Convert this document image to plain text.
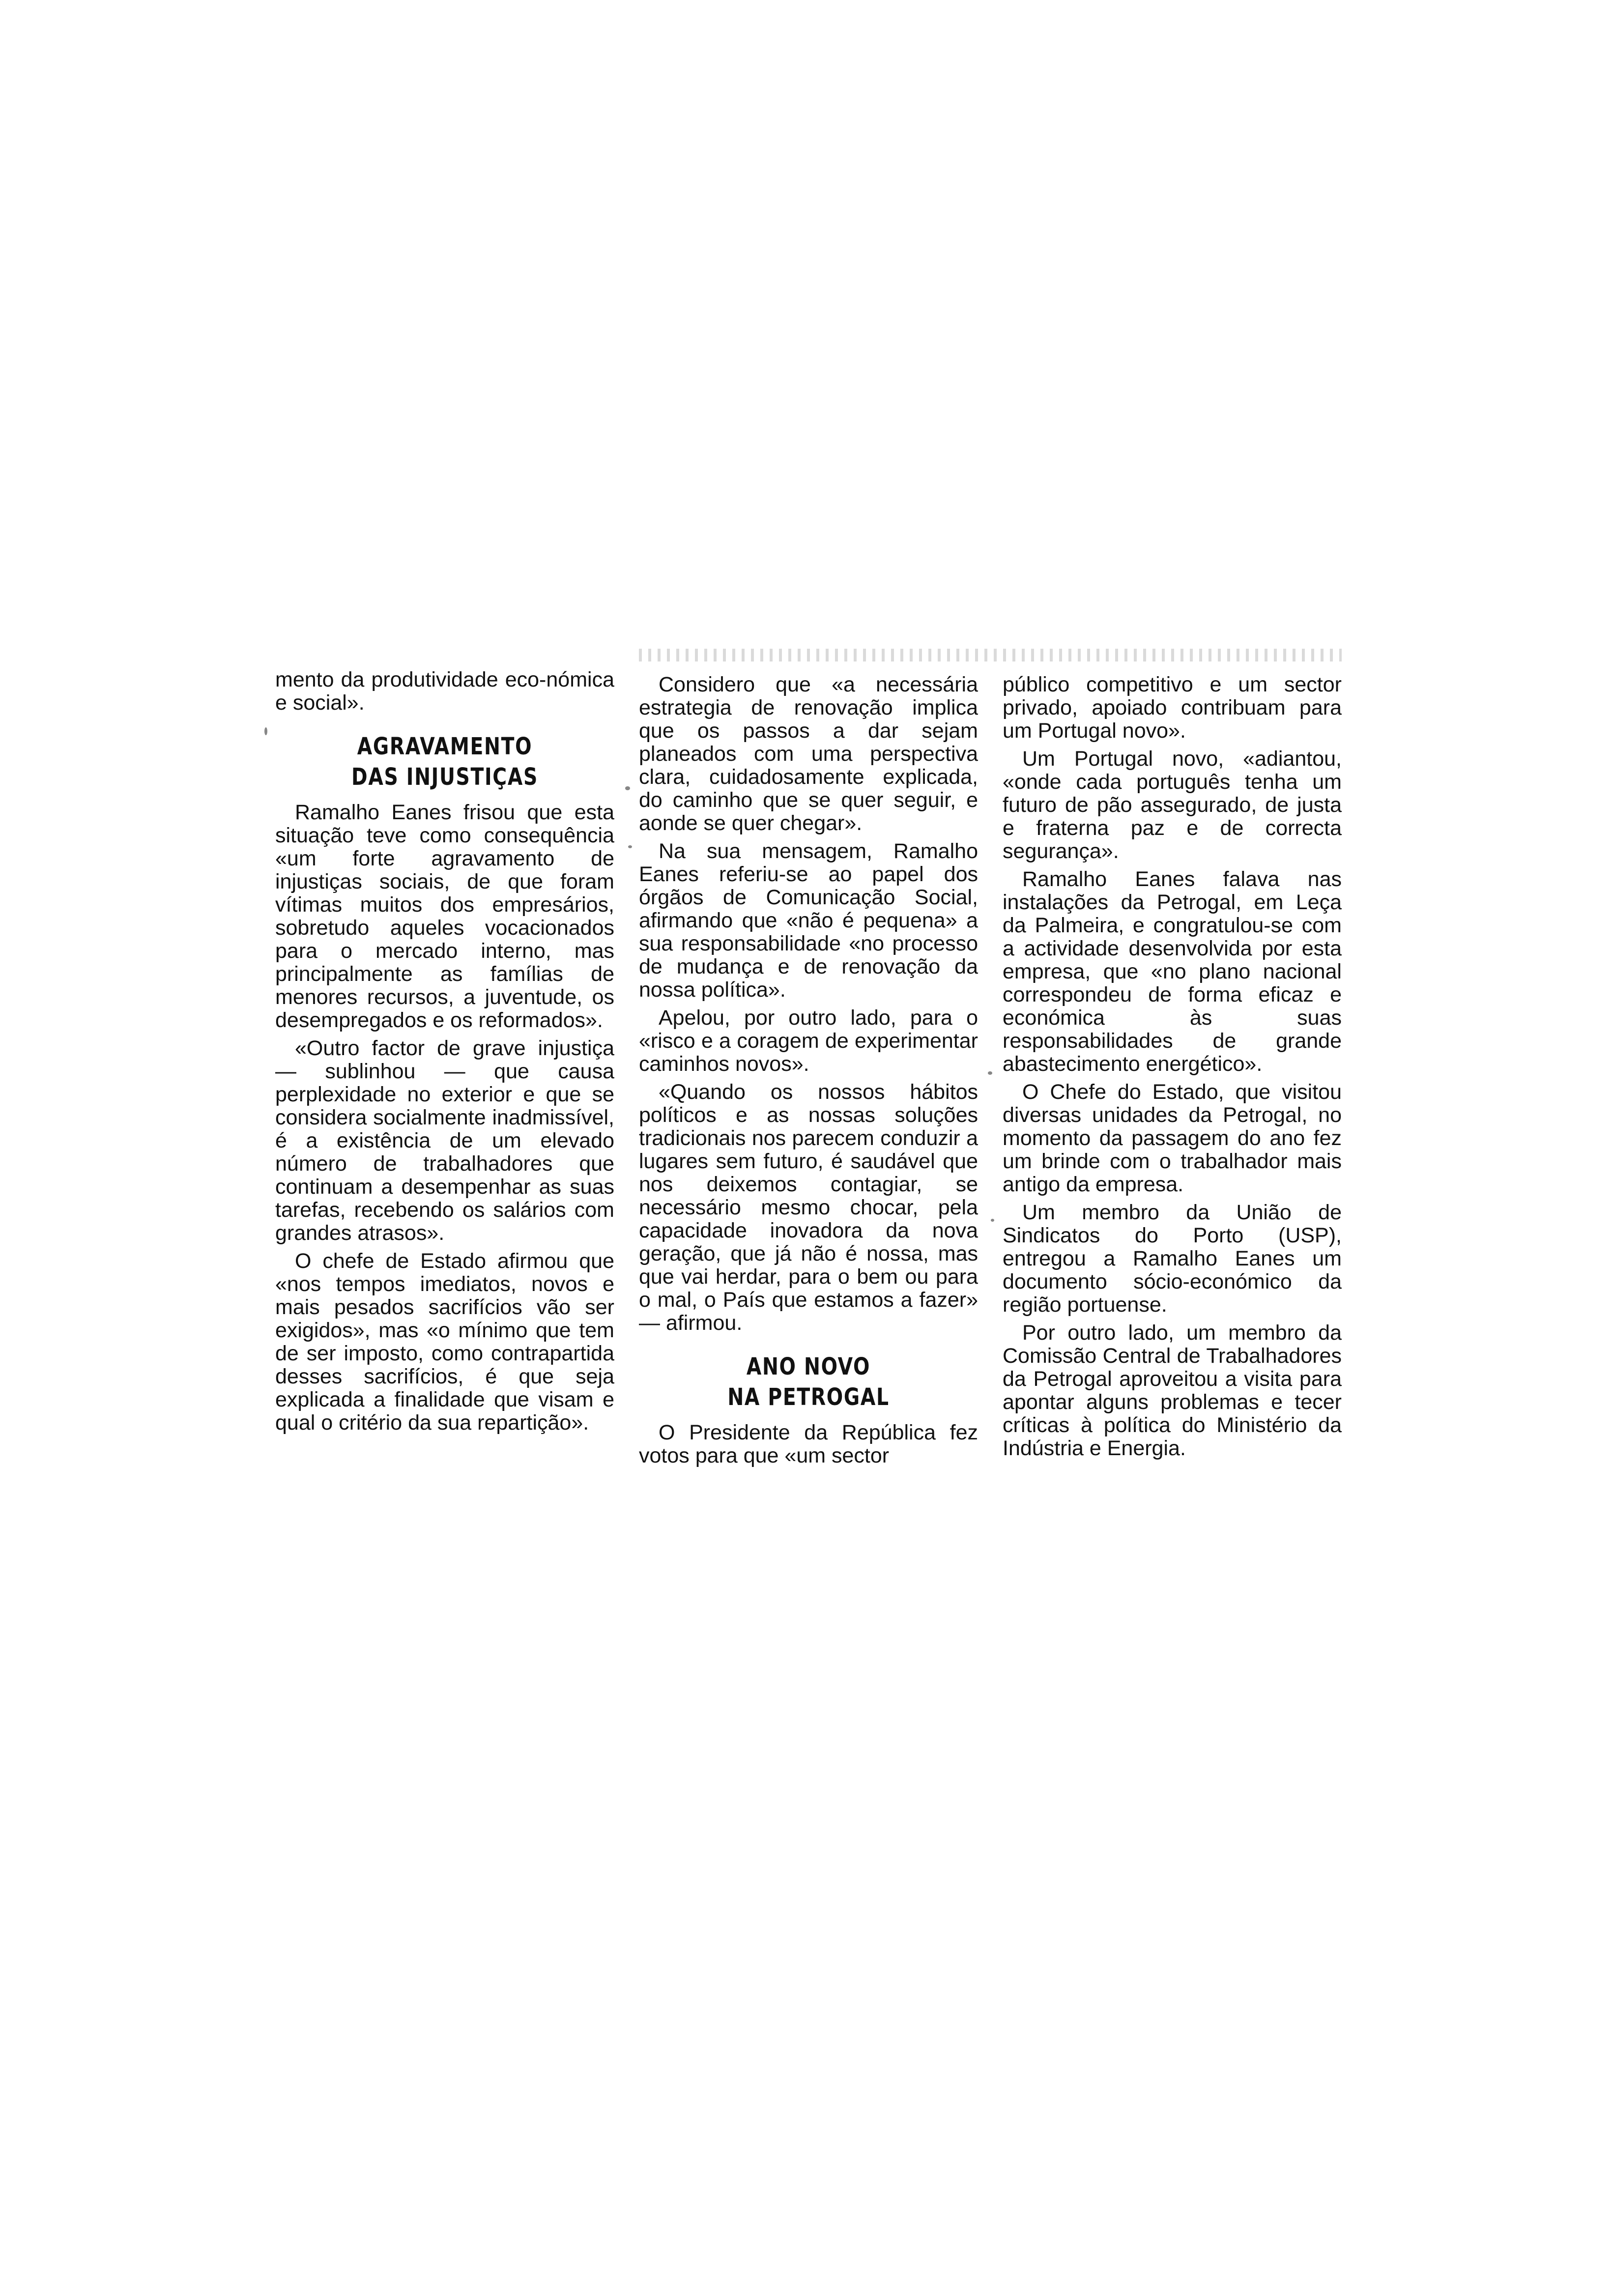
mento da produtividade eco-nómica e social».

AGRAVAMENTO
DAS INJUSTIÇAS

Ramalho Eanes frisou que esta situação teve como consequência «um forte agravamento de injustiças sociais, de que foram vítimas muitos dos empresários, sobretudo aqueles vocacionados para o mercado interno, mas principalmente as famílias de menores recursos, a juventude, os desempregados e os reformados».

«Outro factor de grave injustiça — sublinhou — que causa perplexidade no exterior e que se considera socialmente inadmissível, é a existência de um elevado número de trabalhadores que continuam a desempenhar as suas tarefas, recebendo os salários com grandes atrasos».

O chefe de Estado afirmou que «nos tempos imediatos, novos e mais pesados sacrifícios vão ser exigidos», mas «o mínimo que tem de ser imposto, como contrapartida desses sacrifícios, é que seja explicada a finalidade que visam e qual o critério da sua repartição».

Considero que «a necessária estrategia de renovação implica que os passos a dar sejam planeados com uma perspectiva clara, cuidadosamente explicada, do caminho que se quer seguir, e aonde se quer chegar».

Na sua mensagem, Ramalho Eanes referiu-se ao papel dos órgãos de Comunicação Social, afirmando que «não é pequena» a sua responsabilidade «no processo de mudança e de renovação da nossa política».

Apelou, por outro lado, para o «risco e a coragem de experimentar caminhos novos».

«Quando os nossos hábitos políticos e as nossas soluções tradicionais nos parecem conduzir a lugares sem futuro, é saudável que nos deixemos contagiar, se necessário mesmo chocar, pela capacidade inovadora da nova geração, que já não é nossa, mas que vai herdar, para o bem ou para o mal, o País que estamos a fazer» — afirmou.

ANO NOVO
NA PETROGAL

O Presidente da República fez votos para que «um sector

público competitivo e um sector privado, apoiado contribuam para um Portugal novo».

Um Portugal novo, «adiantou, «onde cada português tenha um futuro de pão assegurado, de justa e fraterna paz e de correcta segurança».

Ramalho Eanes falava nas instalações da Petrogal, em Leça da Palmeira, e congratulou-se com a actividade desenvolvida por esta empresa, que «no plano nacional correspondeu de forma eficaz e económica às suas responsabilidades de grande abastecimento energético».

O Chefe do Estado, que visitou diversas unidades da Petrogal, no momento da passagem do ano fez um brinde com o trabalhador mais antigo da empresa.

Um membro da União de Sindicatos do Porto (USP), entregou a Ramalho Eanes um documento sócio-económico da região portuense.

Por outro lado, um membro da Comissão Central de Trabalhadores da Petrogal aproveitou a visita para apontar alguns problemas e tecer críticas à política do Ministério da Indústria e Energia.
